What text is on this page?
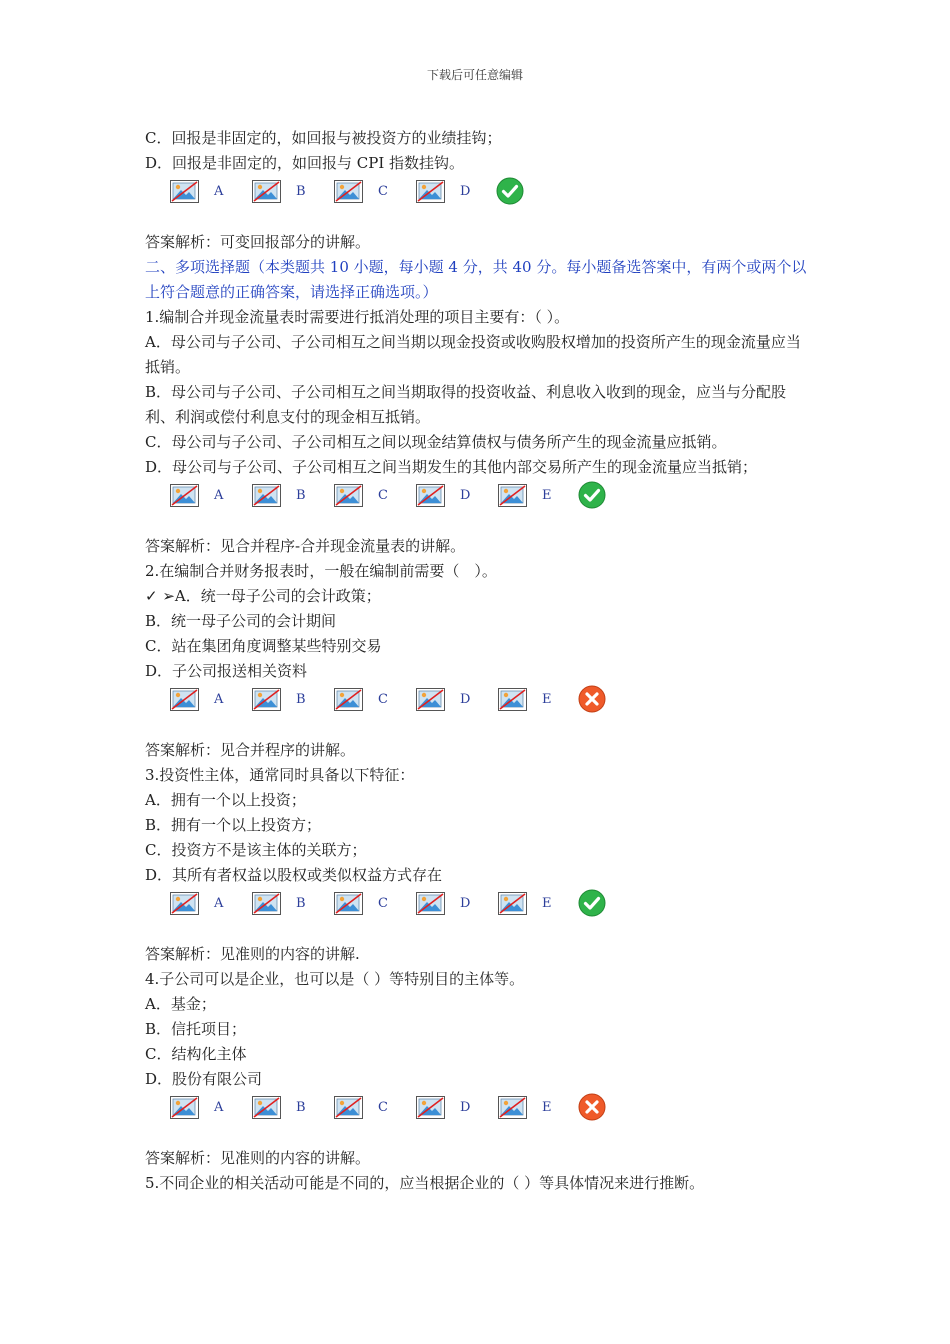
下载后可任意编辑
C．回报是非固定的，如回报与被投资方的业绩挂钩；
D．回报是非固定的，如回报与 CPI 指数挂钩。
A	B	C	D
答案解析：可变回报部分的讲解。
二、多项选择题（本类题共 10 小题，每小题 4 分，共 40 分。每小题备选答案中，有两个或两个以上符合题意的正确答案，请选择正确选项。）
1.编制合并现金流量表时需要进行抵消处理的项目主要有：（ ）。
A．母公司与子公司、子公司相互之间当期以现金投资或收购股权增加的投资所产生的现金流量应当抵销。
B．母公司与子公司、子公司相互之间当期取得的投资收益、利息收入收到的现金，应当与分配股利、利润或偿付利息支付的现金相互抵销。
C．母公司与子公司、子公司相互之间以现金结算债权与债务所产生的现金流量应抵销。
D．母公司与子公司、子公司相互之间当期发生的其他内部交易所产生的现金流量应当抵销；
A	B	C	D	E
答案解析：见合并程序-合并现金流量表的讲解。
2.在编制合并财务报表时，一般在编制前需要（　）。
✓ ➢A．统一母子公司的会计政策；
B．统一母子公司的会计期间
C．站在集团角度调整某些特别交易
D．子公司报送相关资料
A	B	C	D	E
答案解析：见合并程序的讲解。
3.投资性主体，通常同时具备以下特征：
A．拥有一个以上投资；
B．拥有一个以上投资方；
C．投资方不是该主体的关联方；
D．其所有者权益以股权或类似权益方式存在
A	B	C	D	E
答案解析：见准则的内容的讲解.
4.子公司可以是企业，也可以是（ ）等特别目的主体等。
A．基金；
B．信托项目；
C．结构化主体
D．股份有限公司
A	B	C	D	E
答案解析：见准则的内容的讲解。
5.不同企业的相关活动可能是不同的，应当根据企业的（ ）等具体情况来进行推断。
